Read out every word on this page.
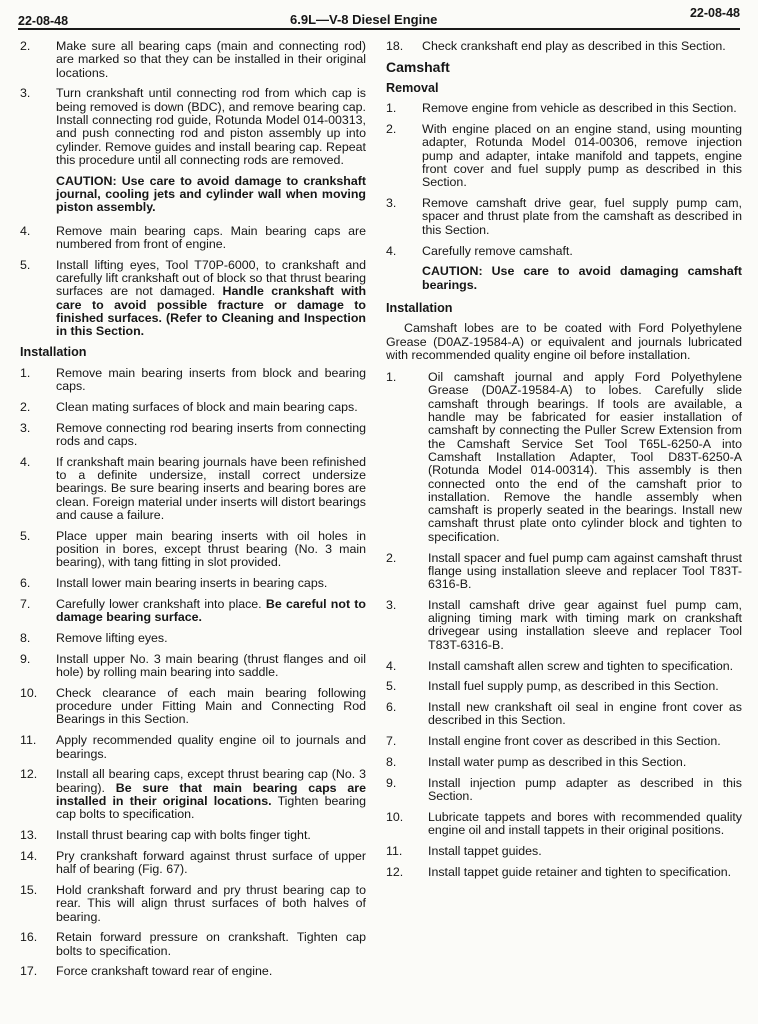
22-08-48	6.9L—V-8 Diesel Engine	22-08-48
2.	Make sure all bearing caps (main and connecting rod) are marked so that they can be installed in their original locations.
3.	Turn crankshaft until connecting rod from which cap is being removed is down (BDC), and remove bearing cap. Install connecting rod guide, Rotunda Model 014-00313, and push connecting rod and piston assembly up into cylinder. Remove guides and install bearing cap. Repeat this procedure until all connecting rods are removed.
CAUTION: Use care to avoid damage to crankshaft journal, cooling jets and cylinder wall when moving piston assembly.
4.	Remove main bearing caps. Main bearing caps are numbered from front of engine.
5.	Install lifting eyes, Tool T70P-6000, to crankshaft and carefully lift crankshaft out of block so that thrust bearing surfaces are not damaged. Handle crankshaft with care to avoid possible fracture or damage to finished surfaces. (Refer to Cleaning and Inspection in this Section.
Installation
1.	Remove main bearing inserts from block and bearing caps.
2.	Clean mating surfaces of block and main bearing caps.
3.	Remove connecting rod bearing inserts from connecting rods and caps.
4.	If crankshaft main bearing journals have been refinished to a definite undersize, install correct undersize bearings. Be sure bearing inserts and bearing bores are clean. Foreign material under inserts will distort bearings and cause a failure.
5.	Place upper main bearing inserts with oil holes in position in bores, except thrust bearing (No. 3 main bearing), with tang fitting in slot provided.
6.	Install lower main bearing inserts in bearing caps.
7.	Carefully lower crankshaft into place. Be careful not to damage bearing surface.
8.	Remove lifting eyes.
9.	Install upper No. 3 main bearing (thrust flanges and oil hole) by rolling main bearing into saddle.
10.	Check clearance of each main bearing following procedure under Fitting Main and Connecting Rod Bearings in this Section.
11.	Apply recommended quality engine oil to journals and bearings.
12.	Install all bearing caps, except thrust bearing cap (No. 3 bearing). Be sure that main bearing caps are installed in their original locations. Tighten bearing cap bolts to specification.
13.	Install thrust bearing cap with bolts finger tight.
14.	Pry crankshaft forward against thrust surface of upper half of bearing (Fig. 67).
15.	Hold crankshaft forward and pry thrust bearing cap to rear. This will align thrust surfaces of both halves of bearing.
16.	Retain forward pressure on crankshaft. Tighten cap bolts to specification.
17.	Force crankshaft toward rear of engine.
18.	Check crankshaft end play as described in this Section.
Camshaft
Removal
1.	Remove engine from vehicle as described in this Section.
2.	With engine placed on an engine stand, using mounting adapter, Rotunda Model 014-00306, remove injection pump and adapter, intake manifold and tappets, engine front cover and fuel supply pump as described in this Section.
3.	Remove camshaft drive gear, fuel supply pump cam, spacer and thrust plate from the camshaft as described in this Section.
4.	Carefully remove camshaft.
CAUTION: Use care to avoid damaging camshaft bearings.
Installation
Camshaft lobes are to be coated with Ford Polyethylene Grease (D0AZ-19584-A) or equivalent and journals lubricated with recommended quality engine oil before installation.
1.	Oil camshaft journal and apply Ford Polyethylene Grease (D0AZ-19584-A) to lobes. Carefully slide camshaft through bearings. If tools are available, a handle may be fabricated for easier installation of camshaft by connecting the Puller Screw Extension from the Camshaft Service Set Tool T65L-6250-A into Camshaft Installation Adapter, Tool D83T-6250-A (Rotunda Model 014-00314). This assembly is then connected onto the end of the camshaft prior to installation. Remove the handle assembly when camshaft is properly seated in the bearings. Install new camshaft thrust plate onto cylinder block and tighten to specification.
2.	Install spacer and fuel pump cam against camshaft thrust flange using installation sleeve and replacer Tool T83T-6316-B.
3.	Install camshaft drive gear against fuel pump cam, aligning timing mark with timing mark on crankshaft drivegear using installation sleeve and replacer Tool T83T-6316-B.
4.	Install camshaft allen screw and tighten to specification.
5.	Install fuel supply pump, as described in this Section.
6.	Install new crankshaft oil seal in engine front cover as described in this Section.
7.	Install engine front cover as described in this Section.
8.	Install water pump as described in this Section.
9.	Install injection pump adapter as described in this Section.
10.	Lubricate tappets and bores with recommended quality engine oil and install tappets in their original positions.
11.	Install tappet guides.
12.	Install tappet guide retainer and tighten to specification.
